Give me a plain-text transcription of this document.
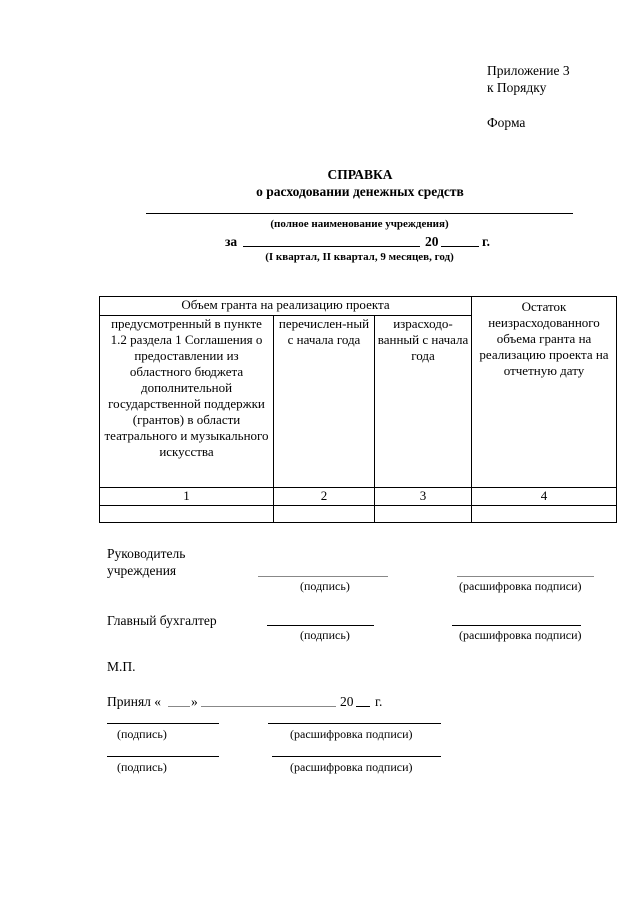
Приложение 3
к Порядку
Форма
СПРАВКА
о расходовании денежных средств
(полное наименование учреждения)
за	20	г.
(I квартал, II квартал, 9 месяцев, год)
Объем гранта на реализацию проекта			Остаток неизрасходованного объема гранта на реализацию проекта на отчетную дату
предусмотренный в пункте 1.2 раздела 1 Соглашения о предоставлении из областного бюджета дополнительной государственной поддержки (грантов) в области театрального и музыкального искусства	перечислен-ный с начала года	израсходо-ванный с начала года	
1	2	3	4

Руководитель
учреждения
(подпись)	(расшифровка подписи)
Главный бухгалтер
(подпись)	(расшифровка подписи)
М.П.
Принял « »	20 г.
(подпись)	(расшифровка подписи)
(подпись)	(расшифровка подписи)
